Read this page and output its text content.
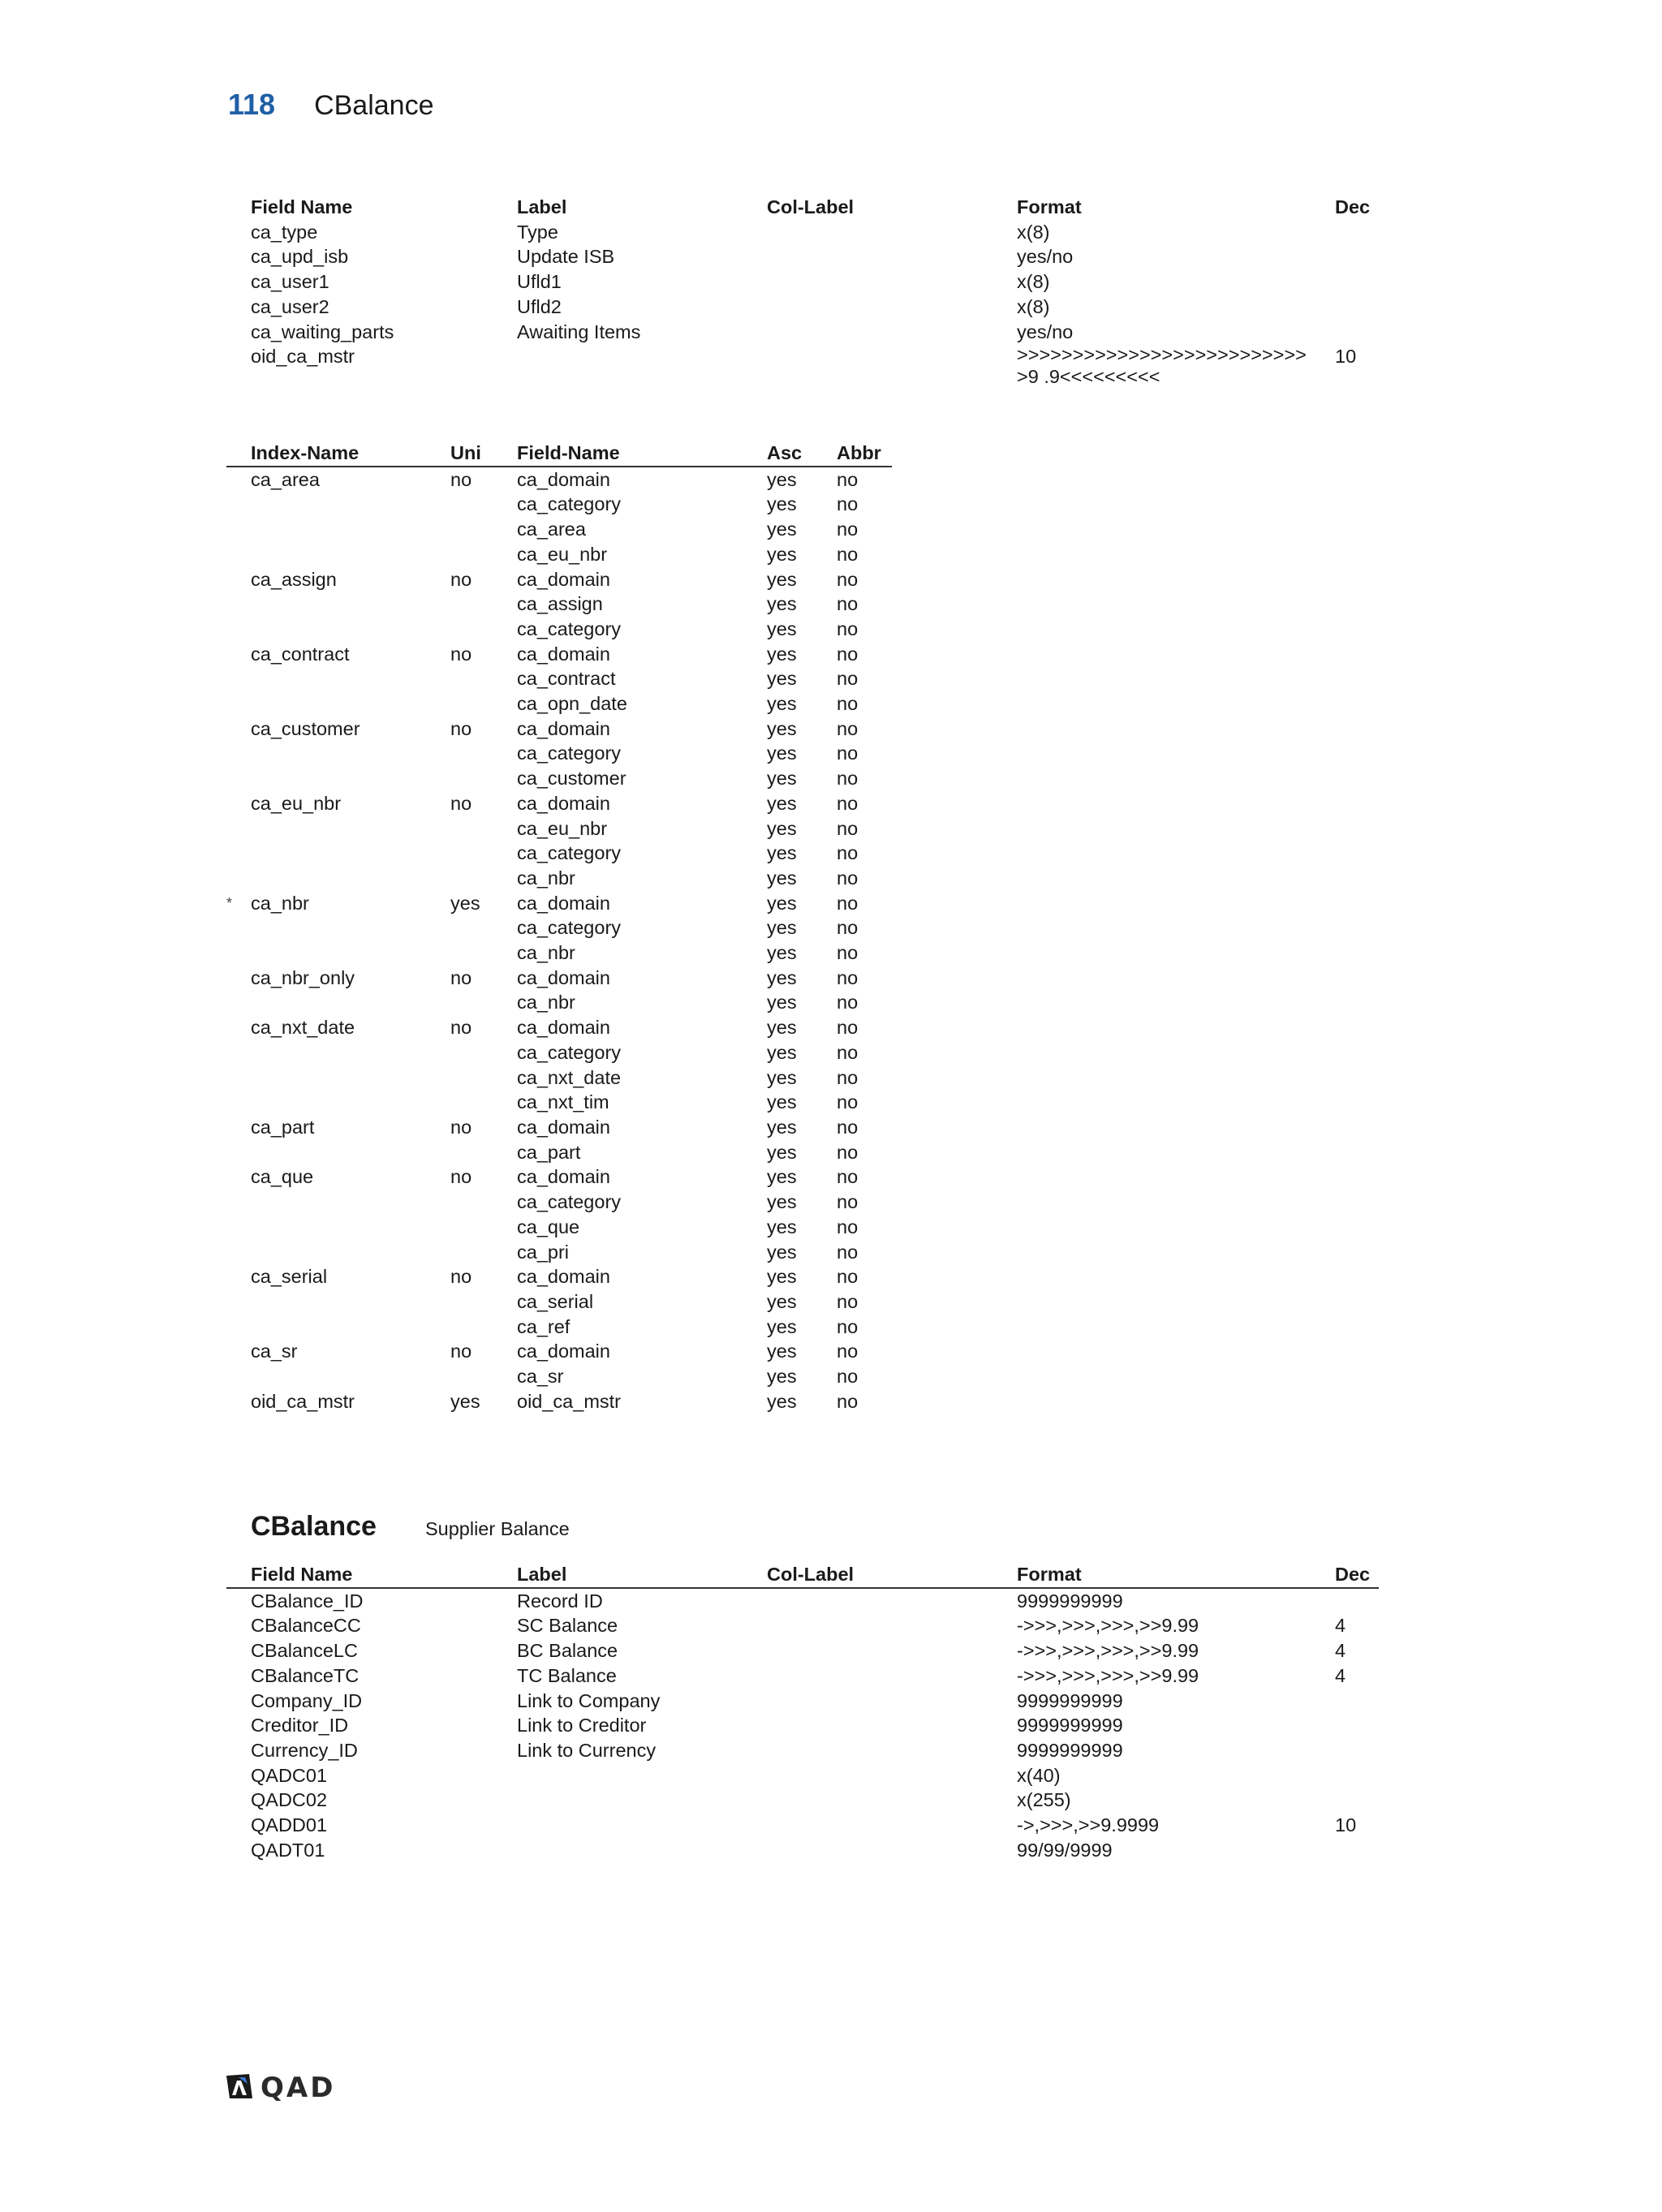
118 CBalance
Field Name	Label	Col-Label	Format	Dec
ca_type	Type		x(8)	
ca_upd_isb	Update ISB		yes/no	
ca_user1	Ufld1		x(8)	
ca_user2	Ufld2		x(8)	
ca_waiting_parts	Awaiting Items		yes/no	
oid_ca_mstr			>>>>>>>>>>>>>>>>>>>>>>>>>>>9 .9<<<<<<<<<	10
	Index-Name	Uni	Field-Name	Asc	Abbr
	ca_area	no	ca_domain	yes	no
			ca_category	yes	no
			ca_area	yes	no
			ca_eu_nbr	yes	no
	ca_assign	no	ca_domain	yes	no
			ca_assign	yes	no
			ca_category	yes	no
	ca_contract	no	ca_domain	yes	no
			ca_contract	yes	no
			ca_opn_date	yes	no
	ca_customer	no	ca_domain	yes	no
			ca_category	yes	no
			ca_customer	yes	no
	ca_eu_nbr	no	ca_domain	yes	no
			ca_eu_nbr	yes	no
			ca_category	yes	no
			ca_nbr	yes	no
*	ca_nbr	yes	ca_domain	yes	no
			ca_category	yes	no
			ca_nbr	yes	no
	ca_nbr_only	no	ca_domain	yes	no
			ca_nbr	yes	no
	ca_nxt_date	no	ca_domain	yes	no
			ca_category	yes	no
			ca_nxt_date	yes	no
			ca_nxt_tim	yes	no
	ca_part	no	ca_domain	yes	no
			ca_part	yes	no
	ca_que	no	ca_domain	yes	no
			ca_category	yes	no
			ca_que	yes	no
			ca_pri	yes	no
	ca_serial	no	ca_domain	yes	no
			ca_serial	yes	no
			ca_ref	yes	no
	ca_sr	no	ca_domain	yes	no
			ca_sr	yes	no
	oid_ca_mstr	yes	oid_ca_mstr	yes	no
CBalance	Supplier Balance
Field Name	Label	Col-Label	Format	Dec
CBalance_ID	Record ID		9999999999	
CBalanceCC	SC Balance		->>>,>>>,>>>,>>9.99	4
CBalanceLC	BC Balance		->>>,>>>,>>>,>>9.99	4
CBalanceTC	TC Balance		->>>,>>>,>>>,>>9.99	4
Company_ID	Link to Company		9999999999	
Creditor_ID	Link to Creditor		9999999999	
Currency_ID	Link to Currency		9999999999	
QADC01			x(40)	
QADC02			x(255)	
QADD01			->,>>>,>>9.9999	10
QADT01			99/99/9999	
QAD
